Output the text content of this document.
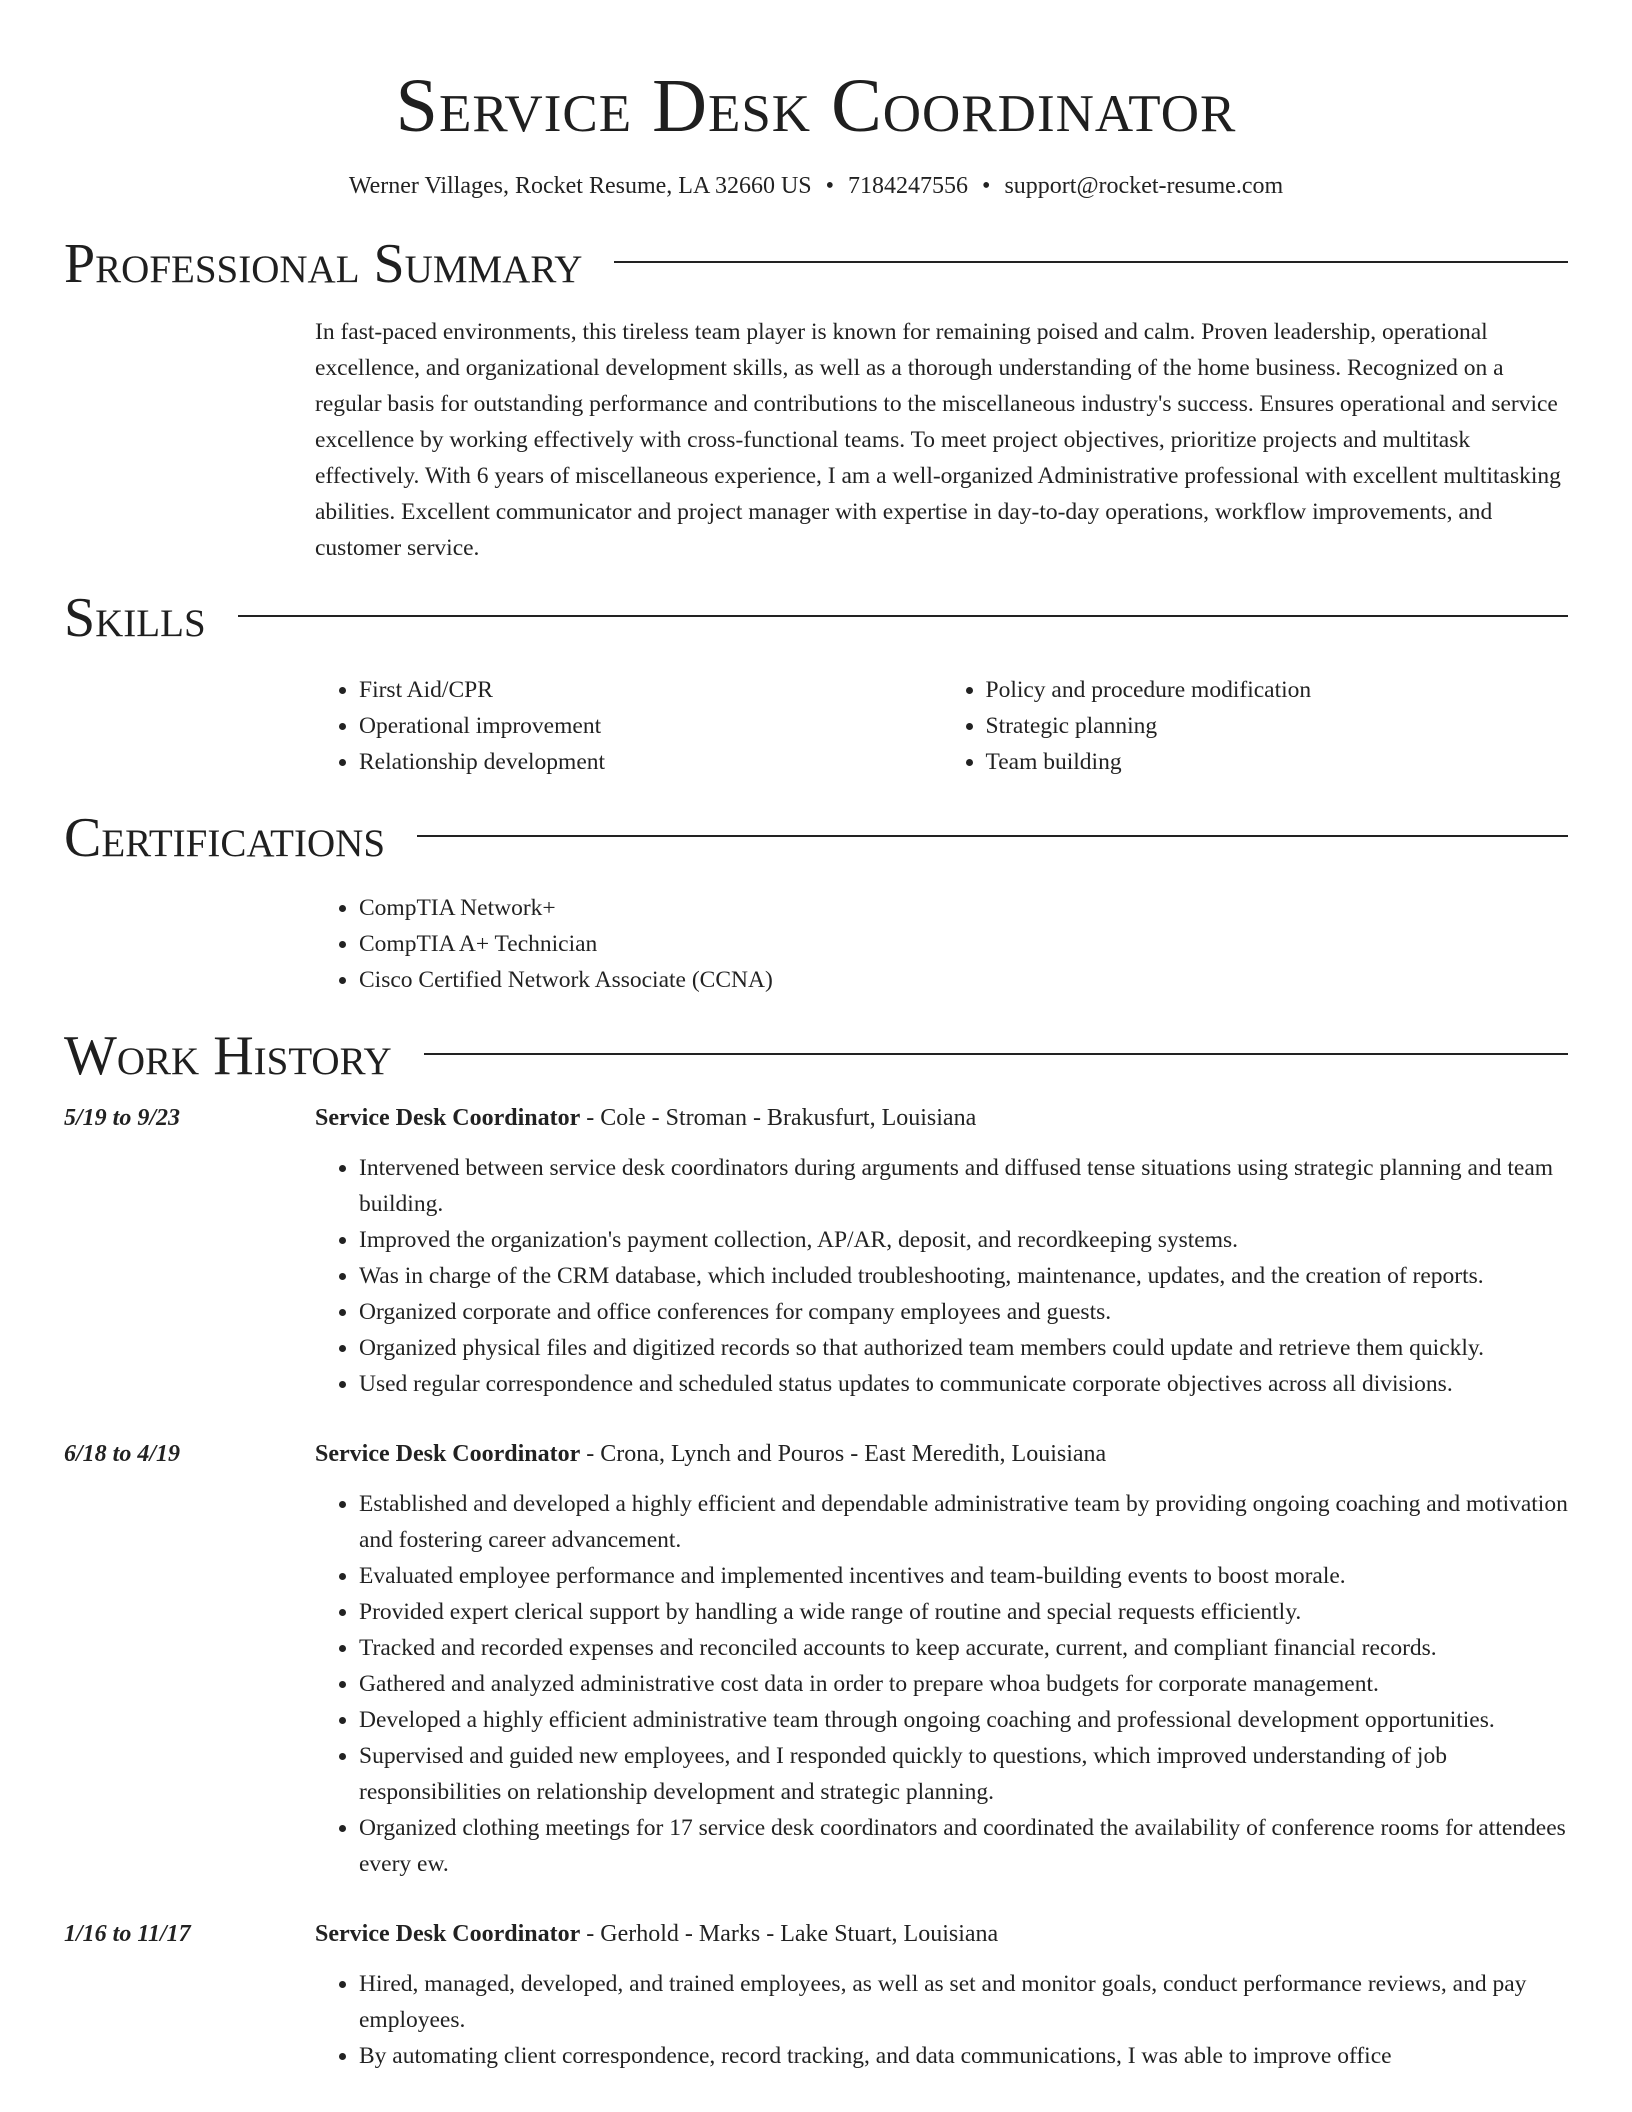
Service Desk Coordinator
Werner Villages, Rocket Resume, LA 32660 US • 7184247556 • support@rocket-resume.com
Professional Summary

In fast-paced environments, this tireless team player is known for remaining poised and calm. Proven leadership, operational excellence, and organizational development skills, as well as a thorough understanding of the home business. Recognized on a regular basis for outstanding performance and contributions to the miscellaneous industry's success. Ensures operational and service excellence by working effectively with cross-functional teams. To meet project objectives, prioritize projects and multitask effectively. With 6 years of miscellaneous experience, I am a well-organized Administrative professional with excellent multitasking abilities. Excellent communicator and project manager with expertise in day-to-day operations, workflow improvements, and customer service.

Skills
• First Aid/CPR
• Operational improvement
• Relationship development
• Policy and procedure modification
• Strategic planning
• Team building
Certifications
• CompTIA Network+
• CompTIA A+ Technician
• Cisco Certified Network Associate (CCNA)
Work History
5/19 to 9/23	Service Desk Coordinator - Cole - Stroman - Brakusfurt, Louisiana
• Intervened between service desk coordinators during arguments and diffused tense situations using strategic planning and team building.
• Improved the organization's payment collection, AP/AR, deposit, and recordkeeping systems.
• Was in charge of the CRM database, which included troubleshooting, maintenance, updates, and the creation of reports.
• Organized corporate and office conferences for company employees and guests.
• Organized physical files and digitized records so that authorized team members could update and retrieve them quickly.
• Used regular correspondence and scheduled status updates to communicate corporate objectives across all divisions.
6/18 to 4/19	Service Desk Coordinator - Crona, Lynch and Pouros - East Meredith, Louisiana
• Established and developed a highly efficient and dependable administrative team by providing ongoing coaching and motivation and fostering career advancement.
• Evaluated employee performance and implemented incentives and team-building events to boost morale.
• Provided expert clerical support by handling a wide range of routine and special requests efficiently.
• Tracked and recorded expenses and reconciled accounts to keep accurate, current, and compliant financial records.
• Gathered and analyzed administrative cost data in order to prepare whoa budgets for corporate management.
• Developed a highly efficient administrative team through ongoing coaching and professional development opportunities.
• Supervised and guided new employees, and I responded quickly to questions, which improved understanding of job responsibilities on relationship development and strategic planning.
• Organized clothing meetings for 17 service desk coordinators and coordinated the availability of conference rooms for attendees every ew.
1/16 to 11/17	Service Desk Coordinator - Gerhold - Marks - Lake Stuart, Louisiana
• Hired, managed, developed, and trained employees, as well as set and monitor goals, conduct performance reviews, and pay employees.
• By automating client correspondence, record tracking, and data communications, I was able to improve office
